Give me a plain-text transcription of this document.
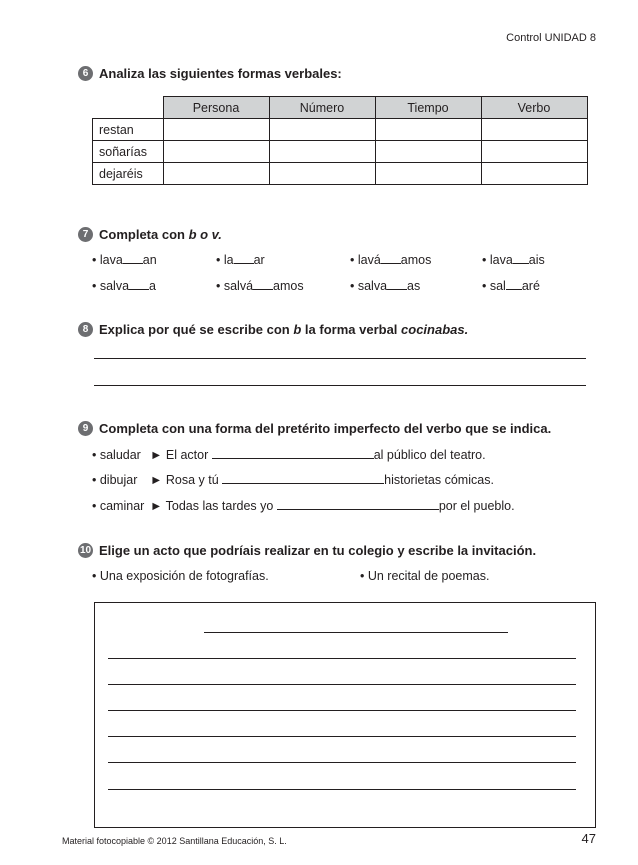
Control UNIDAD 8
6 Analiza las siguientes formas verbales:
	Persona	Número	Tiempo	Verbo
restan				
soñarías				
dejaréis				
7 Completa con b o v.
• lava an	• la ar	• lavá amos	• lava ais
• salva a	• salvá amos	• salva as	• sal aré
8 Explica por qué se escribe con b la forma verbal cocinabas.
9 Completa con una forma del pretérito imperfecto del verbo que se indica.
• saludar ► El actor	al público del teatro.
• dibujar ► Rosa y tú	historietas cómicas.
• caminar ► Todas las tardes yo	por el pueblo.
10 Elige un acto que podríais realizar en tu colegio y escribe la invitación.
• Una exposición de fotografías.	• Un recital de poemas.
Material fotocopiable © 2012 Santillana Educación, S. L.	47
